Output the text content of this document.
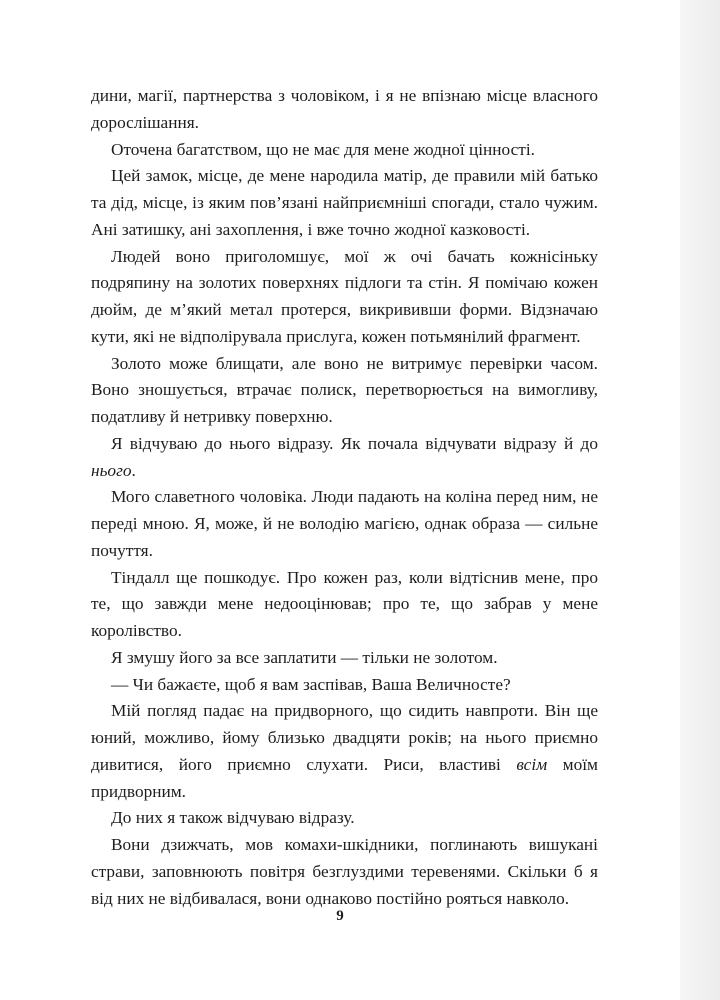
дини, магії, партнерства з чоловіком, і я не впізнаю місце власного дорослішання.

Оточена багатством, що не має для мене жодної цінності.

Цей замок, місце, де мене народила матір, де правили мій батько та дід, місце, із яким пов’язані найприємніші спогади, стало чужим. Ані затишку, ані захоплення, і вже точно жодної казковості.

Людей воно приголомшує, мої ж очі бачать кожнісіньку подряпину на золотих поверхнях підлоги та стін. Я помічаю кожен дюйм, де м’який метал протерся, викрививши форми. Відзначаю кути, які не відполірувала прислуга, кожен потьмянілий фрагмент.

Золото може блищати, але воно не витримує перевірки часом. Воно зношується, втрачає полиск, перетворюється на вимогливу, податливу й нетривку поверхню.

Я відчуваю до нього відразу. Як почала відчувати відразу й до нього.

Мого славетного чоловіка. Люди падають на коліна перед ним, не переді мною. Я, може, й не володію магією, однак образа — сильне почуття.

Тіндалл ще пошкодує. Про кожен раз, коли відтіснив мене, про те, що завжди мене недооцінював; про те, що забрав у мене королівство.

Я змушу його за все заплатити — тільки не золотом.

— Чи бажаєте, щоб я вам заспівав, Ваша Величносте?

Мій погляд падає на придворного, що сидить навпроти. Він ще юний, можливо, йому близько двадцяти років; на нього приємно дивитися, його приємно слухати. Риси, властиві всім моїм придворним.

До них я також відчуваю відразу.

Вони дзижчать, мов комахи-шкідники, поглинають вишукані страви, заповнюють повітря безглуздими теревенями. Скільки б я від них не відбивалася, вони однаково постійно рояться навколо.

9
